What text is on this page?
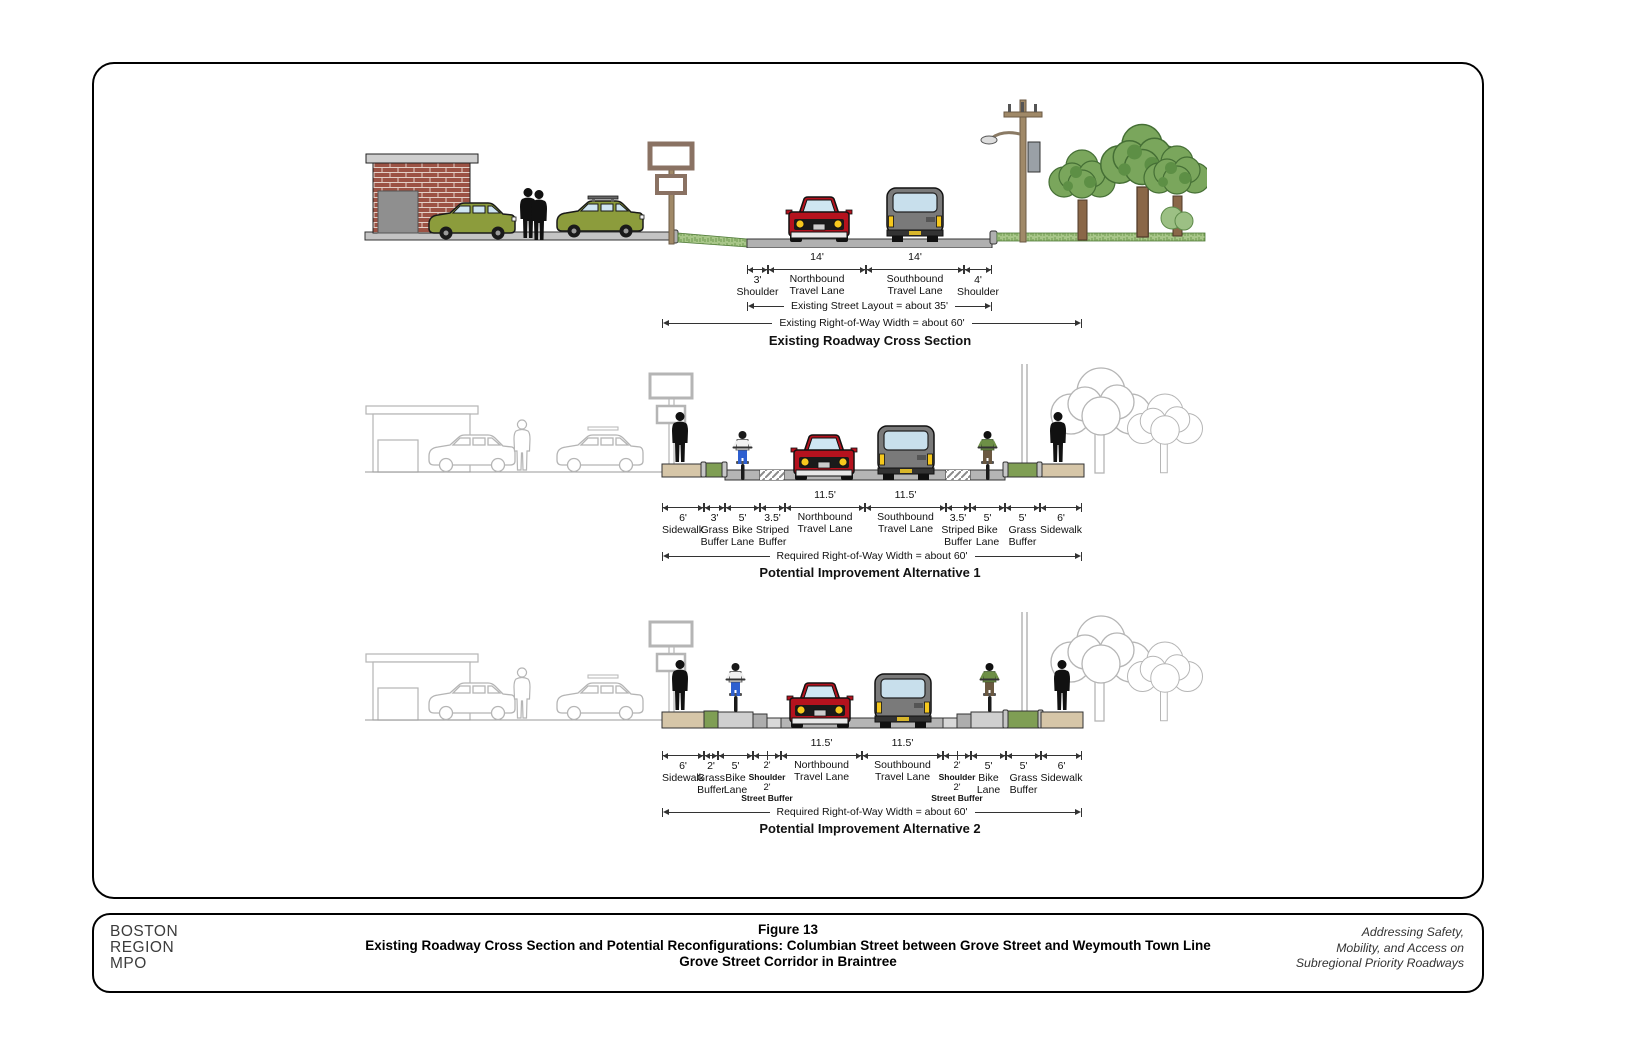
3'
Shoulder
14'
Northbound Travel Lane
14'
Southbound Travel Lane
4'
Shoulder
Existing Street Layout = about 35'
Existing Right-of-Way Width = about 60'
Existing Roadway Cross Section
6'
Sidewalk
3'
Grass Buffer
5'
Bike Lane
3.5'
Striped Buffer
11.5'
Northbound Travel Lane
11.5'
Southbound Travel Lane
3.5'
Striped Buffer
5'
Bike Lane
5'
Grass Buffer
6'
Sidewalk
Required Right-of-Way Width = about 60'
Potential Improvement Alternative 1
6'
Sidewalk
2'
Grass Buffer
5'
Bike Lane
2'
Shoulder
2'
Street Buffer
11.5'
Northbound Travel Lane
11.5'
Southbound Travel Lane
2'
Shoulder
2'
Street Buffer
5'
Bike Lane
5'
Grass Buffer
6'
Sidewalk
Required Right-of-Way Width = about 60'
Potential Improvement Alternative 2
BOSTON
REGION
MPO
Figure 13
Existing Roadway Cross Section and Potential Reconfigurations: Columbian Street between Grove Street and Weymouth Town Line
Grove Street Corridor in Braintree
Addressing Safety,
Mobility, and Access on
Subregional Priority Roadways
